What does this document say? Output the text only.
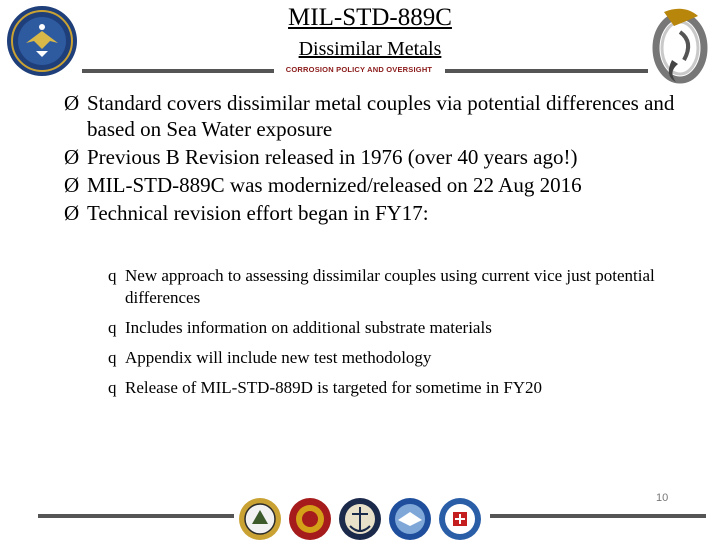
MIL-STD-889C
Dissimilar Metals
CORROSION POLICY AND OVERSIGHT
Ø Standard covers dissimilar metal couples via potential differences and based on Sea Water exposure
Ø Previous B Revision released in 1976 (over 40 years ago!)
Ø MIL-STD-889C was modernized/released on 22 Aug 2016
Ø Technical revision effort began in FY17:
q New approach to assessing dissimilar couples using current vice just potential differences
q Includes information on additional substrate materials
q Appendix will include new test methodology
q Release of MIL-STD-889D is targeted for sometime in FY20
10
